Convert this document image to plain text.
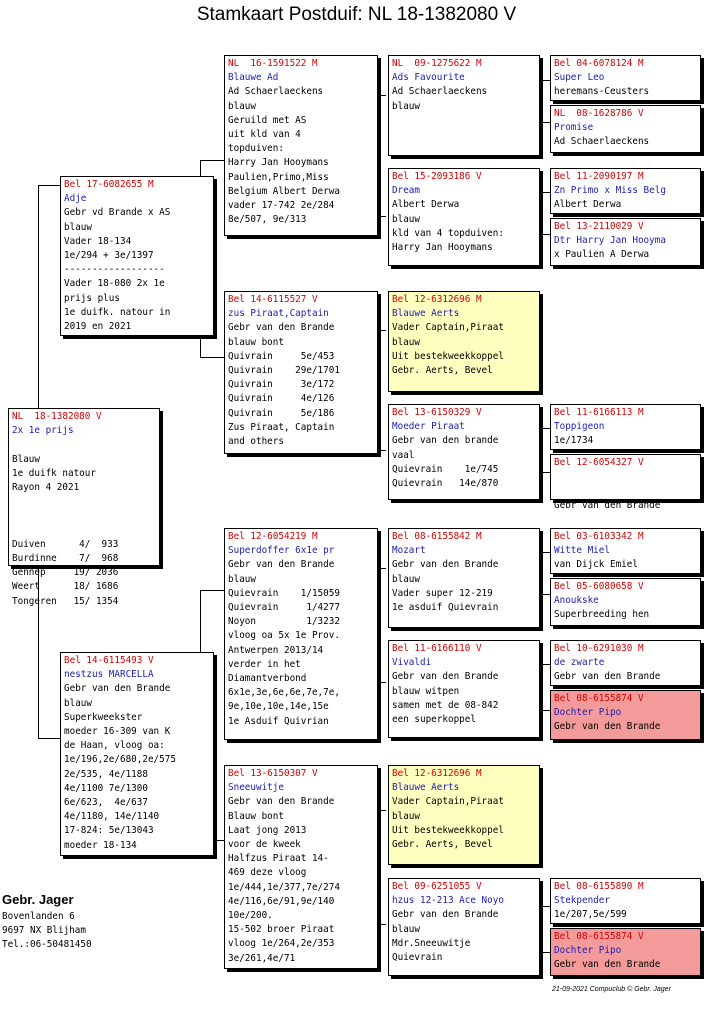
Stamkaart Postduif: NL 18-1382080 V
NL  18-1382080 V
2x 1e prijs

Blauw
1e duifk natour
Rayon 4 2021

Duiven      4/  933
Burdinne    7/  968
Gennep     19/ 2036
Weert      18/ 1686
Tongeren   15/ 1354
Bel 17-6082655 M
Adje
Gebr vd Brande x AS
blauw
Vader 18-134
1e/294 + 3e/1397
------------------
Vader 18-080 2x 1e
prijs plus
1e duifk. natour in
2019 en 2021
Bel 14-6115493 V
nestzus MARCELLA
Gebr van den Brande
blauw
Superkweekster
moeder 16-309 van K
de Haan, vloog oa:
1e/196,2e/680,2e/575
2e/535, 4e/1188
4e/1100 7e/1300
6e/623,  4e/637
4e/1180, 14e/1140
17-824: 5e/13043
moeder 18-134
NL  16-1591522 M
Blauwe Ad
Ad Schaerlaeckens
blauw
Geruild met AS
uit kld van 4
topduiven:
Harry Jan Hooymans
Paulien,Primo,Miss
Belgium Albert Derwa
vader 17-742 2e/284
8e/507, 9e/313
Bel 14-6115527 V
zus Piraat,Captain
Gebr van den Brande
blauw bont
Quivrain     5e/453
Quivrain    29e/1701
Quivrain     3e/172
Quivrain     4e/126
Quivrain     5e/186
Zus Piraat, Captain
and others
Bel 12-6054219 M
Superdoffer 6x1e pr
Gebr van den Brande
blauw
Quievrain    1/15059
Quievrain     1/4277
Noyon         1/3232
vloog oa 5x 1e Prov.
Antwerpen 2013/14
verder in het
Diamantverbond
6x1e,3e,6e,6e,7e,7e,
9e,10e,10e,14e,15e
1e Asduif Quivrian
Bel 13-6150307 V
Sneeuwitje
Gebr van den Brande
Blauw bont
Laat jong 2013
voor de kweek
Halfzus Piraat 14-
469 deze vloog
1e/444,1e/377,7e/274
4e/116,6e/91,9e/140
10e/200.
15-502 broer Piraat
vloog 1e/264,2e/353
3e/261,4e/71
NL  09-1275622 M
Ads Favourite
Ad Schaerlaeckens
blauw
Bel 15-2093186 V
Dream
Albert Derwa
blauw
kld van 4 topduiven:
Harry Jan Hooymans
Bel 12-6312696 M
Blauwe Aerts
Vader Captain,Piraat
blauw
Uit bestekweekkoppel
Gebr. Aerts, Bevel
Bel 13-6150329 V
Moeder Piraat
Gebr van den brande
vaal
Quievrain    1e/745
Quievrain   14e/870
Bel 08-6155842 M
Mozart
Gebr van den Brande
blauw
Vader super 12-219
1e asduif Quievrain
Bel 11-6166110 V
Vivaldi
Gebr van den Brande
blauw witpen
samen met de 08-842
een superkoppel
Bel 12-6312696 M
Blauwe Aerts
Vader Captain,Piraat
blauw
Uit bestekweekkoppel
Gebr. Aerts, Bevel
Bel 09-6251055 V
hzus 12-213 Ace Noyo
Gebr van den Brande
blauw
Mdr.Sneeuwitje
Quievrain
Bel 04-6078124 M
Super Leo
heremans-Ceusters
NL  08-1628786 V
Promise
Ad Schaerlaeckens
Bel 11-2090197 M
Zn Primo x Miss Belg
Albert Derwa
Bel 13-2110029 V
Dtr Harry Jan Hooyma
x Paulien A Derwa
Bel 11-6166113 M
Toppigeon
1e/1734
Bel 12-6054327 V

Gebr van den Brande
Bel 03-6103342 M
Witte Miel
van Dijck Emiel
Bel 05-6080658 V
Anoukske
Superbreeding hen
Bel 10-6291030 M
de zwarte
Gebr van den Brande
Bel 08-6155874 V
Dochter Pipo
Gebr van den Brande
Bel 08-6155890 M
Stekpender
1e/207,5e/599
Bel 08-6155874 V
Dochter Pipo
Gebr van den Brande
Gebr. Jager
Bovenlanden 6
9697 NX Blijham
Tel.:06-50481450
21-09-2021 Compuclub © Gebr. Jager
